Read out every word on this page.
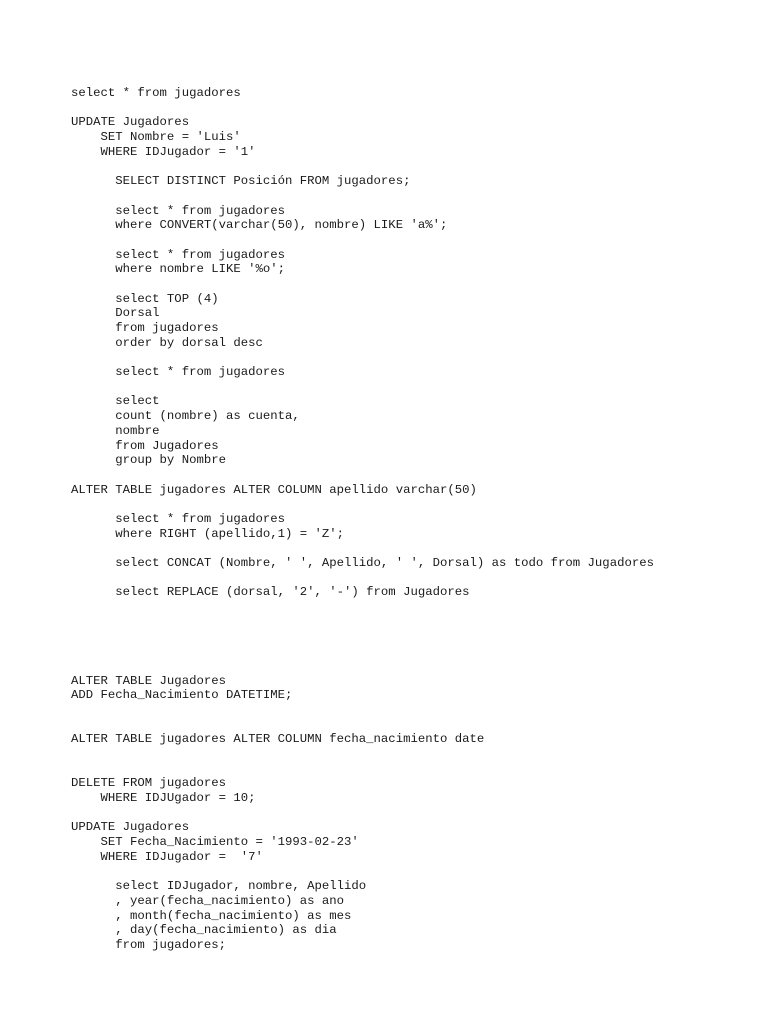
select * from jugadores
UPDATE Jugadores
SET Nombre = 'Luis'
WHERE IDJugador = '1'
SELECT DISTINCT Posición FROM jugadores;
select * from jugadores
where CONVERT(varchar(50), nombre) LIKE 'a%';
select * from jugadores
where nombre LIKE '%o';
select TOP (4)
Dorsal
from jugadores
order by dorsal desc
select * from jugadores
select
count (nombre) as cuenta,
nombre
from Jugadores
group by Nombre
ALTER TABLE jugadores ALTER COLUMN apellido varchar(50)
select * from jugadores
where RIGHT (apellido,1) = 'Z';
select CONCAT (Nombre, ' ', Apellido, ' ', Dorsal) as todo from Jugadores
select REPLACE (dorsal, '2', '-') from Jugadores
ALTER TABLE Jugadores
ADD Fecha_Nacimiento DATETIME;
ALTER TABLE jugadores ALTER COLUMN fecha_nacimiento date
DELETE FROM jugadores
WHERE IDJUgador = 10;
UPDATE Jugadores
SET Fecha_Nacimiento = '1993-02-23'
WHERE IDJugador =  '7'
select IDJugador, nombre, Apellido
, year(fecha_nacimiento) as ano
, month(fecha_nacimiento) as mes
, day(fecha_nacimiento) as dia
from jugadores;
